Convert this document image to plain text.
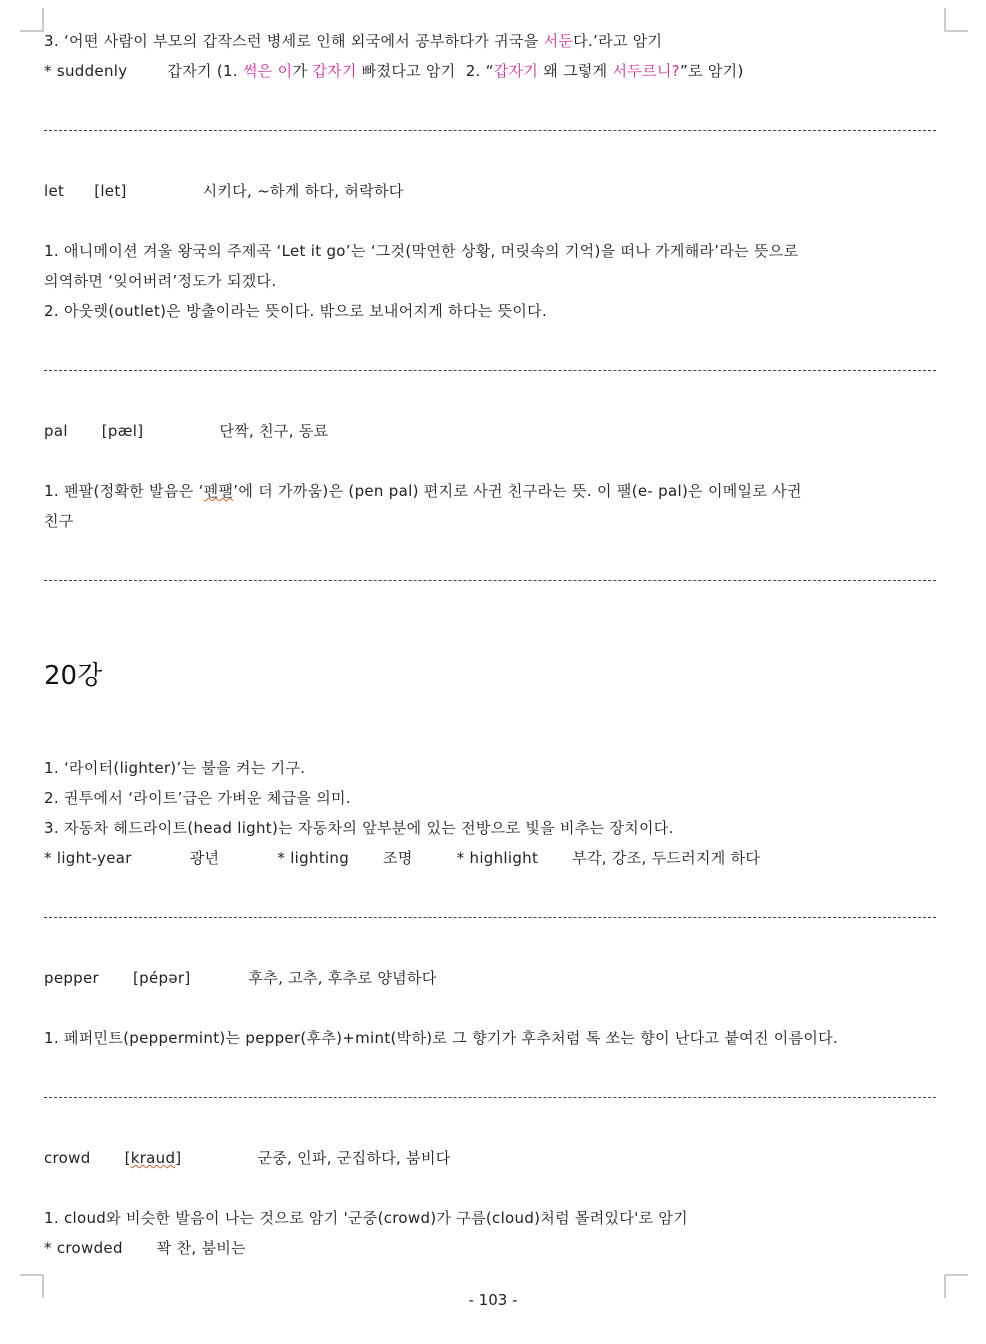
3. ‘어떤 사람이 부모의 갑작스런 병세로 인해 외국에서 공부하다가 귀국을 서둔다.’라고 암기
* suddenly	갑자기 (1. 썩은 이가 갑자기 빠졌다고 암기  2. “갑자기 왜 그렇게 서두르니?”로 암기)
let [let]	시키다, ~하게 하다, 허락하다
1. 애니메이션 겨울 왕국의 주제곡 ‘Let it go’는 ‘그것(막연한 상황, 머릿속의 기억)을 떠나 가게해라’라는 뜻으로
의역하면 ‘잊어버려’정도가 되겠다.
2. 아웃렛(outlet)은 방출이라는 뜻이다. 밖으로 보내어지게 하다는 뜻이다.
pal [pæl]	단짝, 친구, 동료
1. 펜팔(정확한 발음은 ‘펜팰’에 더 가까움)은 (pen pal) 편지로 사귄 친구라는 뜻. 이 팰(e- pal)은 이메일로 사귄
친구
20강
1. ‘라이터(lighter)’는 불을 켜는 기구.
2. 권투에서 ‘라이트’급은 가벼운 체급을 의미.
3. 자동차 헤드라이트(head light)는 자동차의 앞부분에 있는 전방으로 빛을 비추는 장치이다.
* light-year	광년	* lighting 조명	* highlight 부각, 강조, 두드러지게 하다
pepper [pépər]	후추, 고추, 후추로 양념하다
1. 페퍼민트(peppermint)는 pepper(후추)+mint(박하)로 그 향기가 후추처럼 톡 쏘는 향이 난다고 붙여진 이름이다.
crowd [kraud]	군중, 인파, 군집하다, 붐비다
1. cloud와 비슷한 발음이 나는 것으로 암기 '군중(crowd)가 구름(cloud)처럼 몰려있다'로 암기
* crowded 꽉 찬, 붐비는
- 103 -
